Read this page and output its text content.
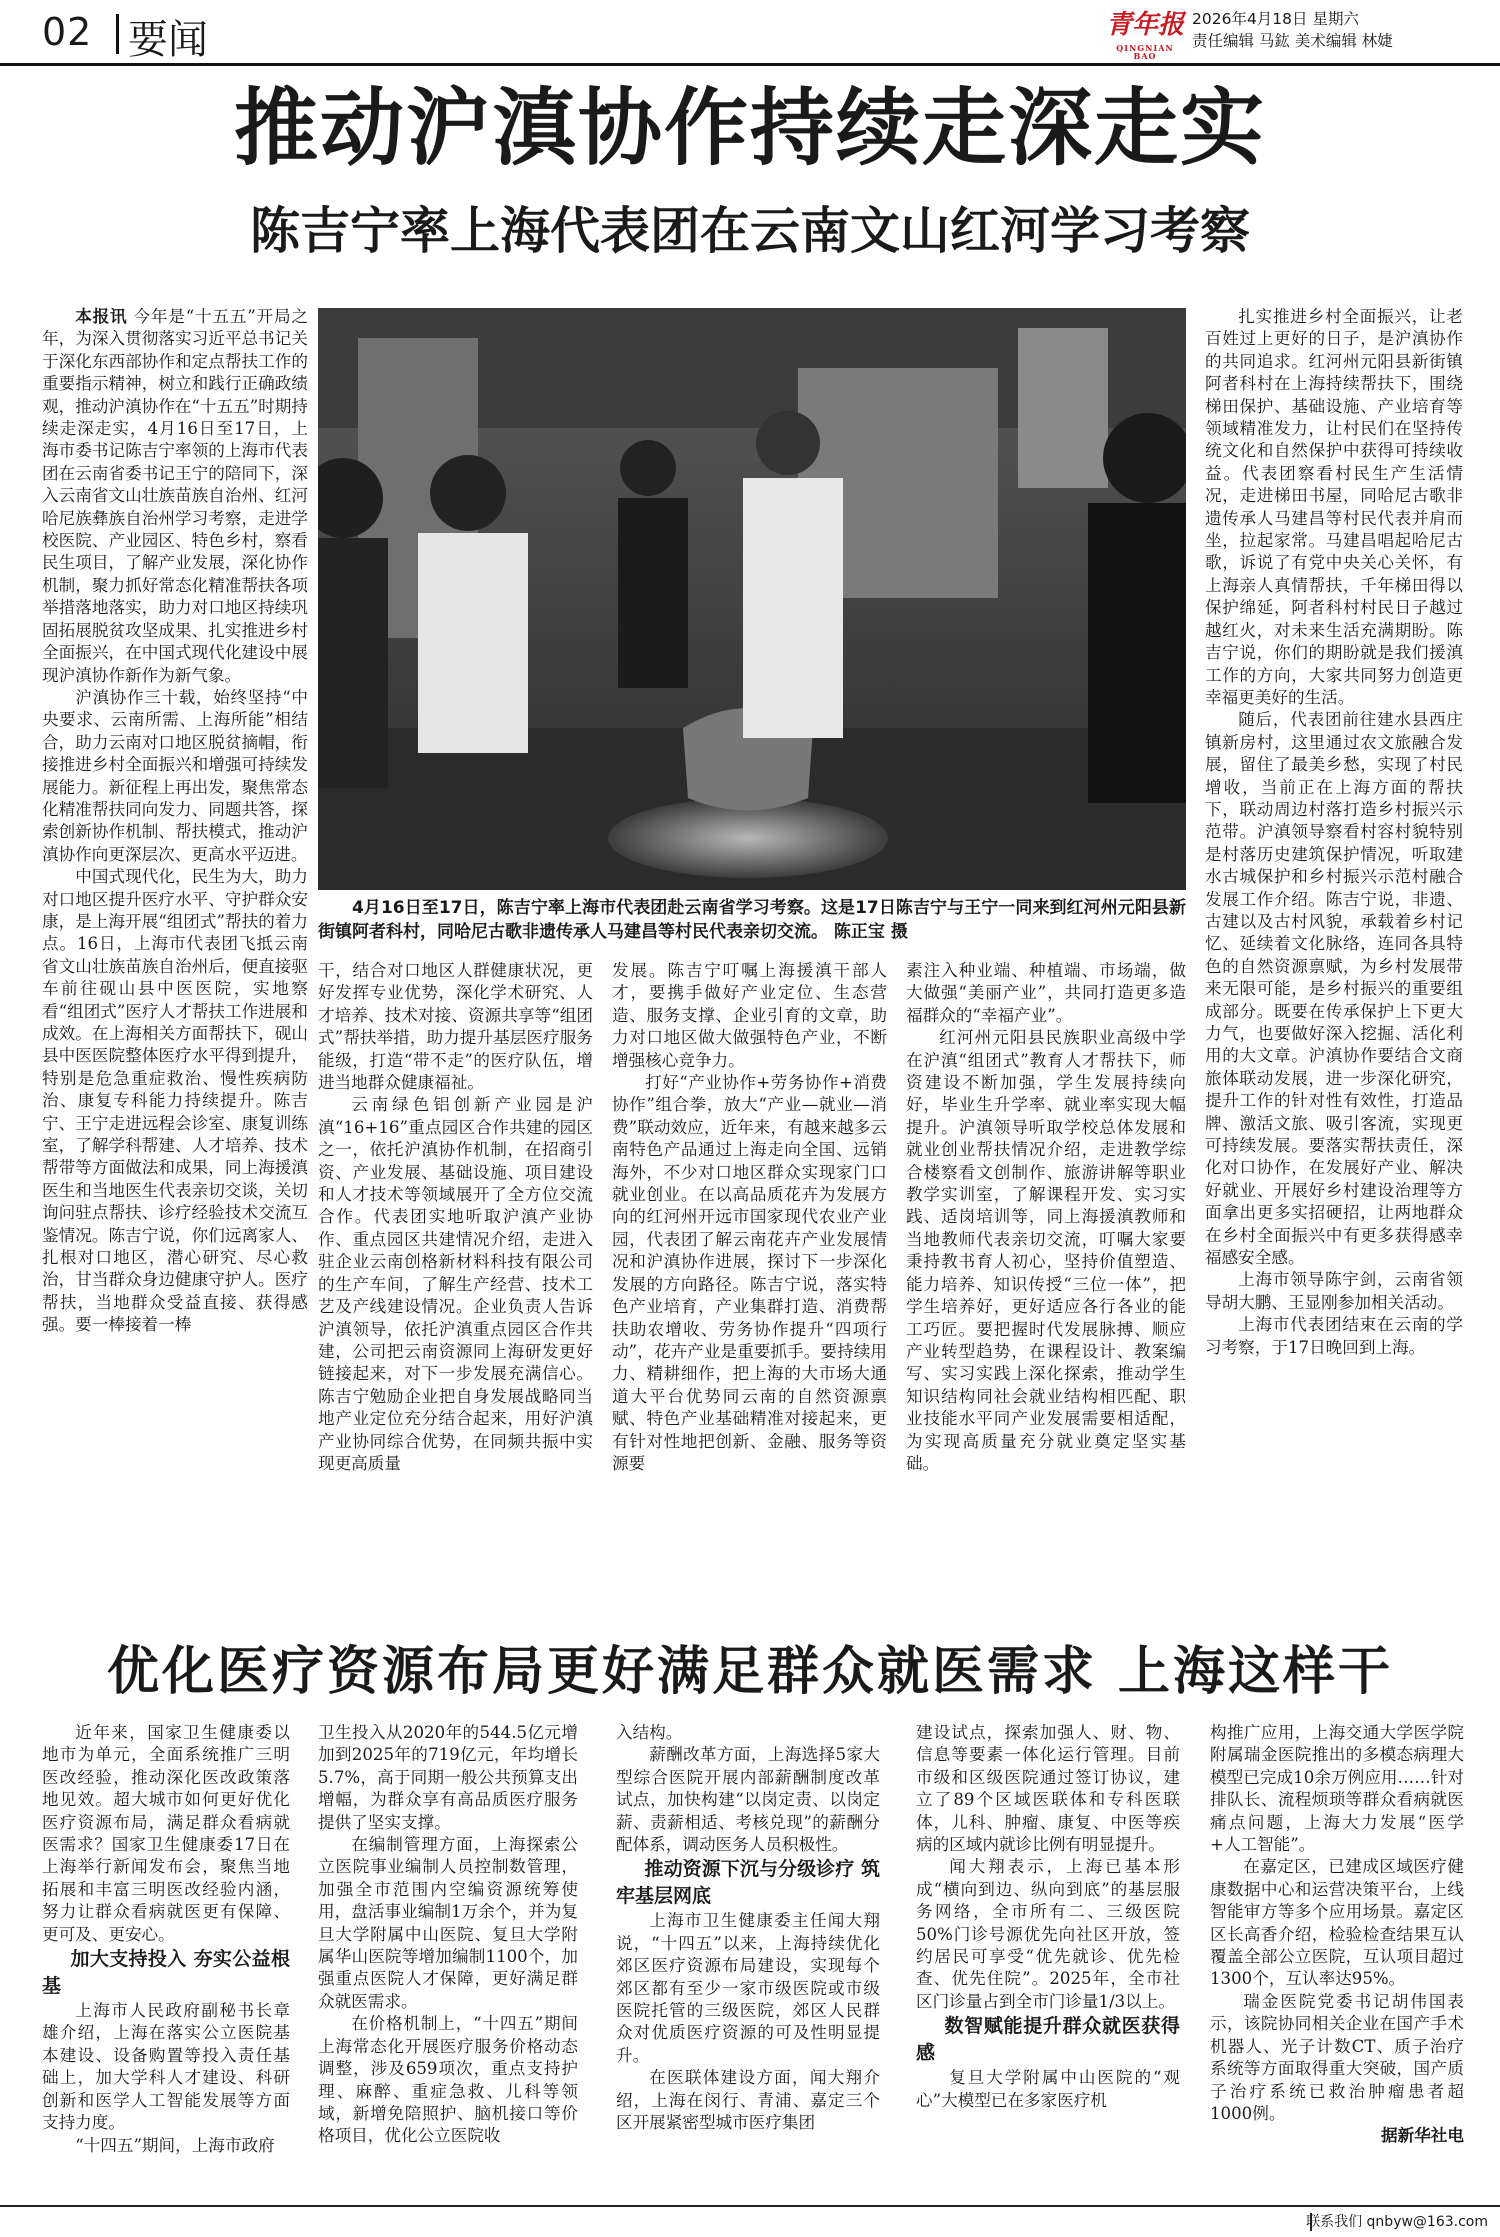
02 要闻	青年报
QINGNIAN BAO
2026年4月18日 星期六
责任编辑 马鈜 美术编辑 林婕
推动沪滇协作持续走深走实
陈吉宁率上海代表团在云南文山红河学习考察

本报讯 今年是“十五五”开局之年，为深入贯彻落实习近平总书记关于深化东西部协作和定点帮扶工作的重要指示精神，树立和践行正确政绩观，推动沪滇协作在“十五五”时期持续走深走实，4月16日至17日，上海市委书记陈吉宁率领的上海市代表团在云南省委书记王宁的陪同下，深入云南省文山壮族苗族自治州、红河哈尼族彝族自治州学习考察，走进学校医院、产业园区、特色乡村，察看民生项目，了解产业发展，深化协作机制，聚力抓好常态化精准帮扶各项举措落地落实，助力对口地区持续巩固拓展脱贫攻坚成果、扎实推进乡村全面振兴，在中国式现代化建设中展现沪滇协作新作为新气象。

沪滇协作三十载，始终坚持“中央要求、云南所需、上海所能”相结合，助力云南对口地区脱贫摘帽，衔接推进乡村全面振兴和增强可持续发展能力。新征程上再出发，聚焦常态化精准帮扶同向发力、同题共答，探索创新协作机制、帮扶模式，推动沪滇协作向更深层次、更高水平迈进。

中国式现代化，民生为大，助力对口地区提升医疗水平、守护群众安康，是上海开展“组团式”帮扶的着力点。16日，上海市代表团飞抵云南省文山壮族苗族自治州后，便直接驱车前往砚山县中医医院，实地察看“组团式”医疗人才帮扶工作进展和成效。在上海相关方面帮扶下，砚山县中医医院整体医疗水平得到提升，特别是危急重症救治、慢性疾病防治、康复专科能力持续提升。陈吉宁、王宁走进远程会诊室、康复训练室，了解学科帮建、人才培养、技术帮带等方面做法和成果，同上海援滇医生和当地医生代表亲切交谈，关切询问驻点帮扶、诊疗经验技术交流互鉴情况。陈吉宁说，你们远离家人、扎根对口地区，潜心研究、尽心救治，甘当群众身边健康守护人。医疗帮扶，当地群众受益直接、获得感强。要一棒接着一棒

4月16日至17日，陈吉宁率上海市代表团赴云南省学习考察。这是17日陈吉宁与王宁一同来到红河州元阳县新街镇阿者科村，同哈尼古歌非遗传承人马建昌等村民代表亲切交流。 陈正宝 摄

干，结合对口地区人群健康状况，更好发挥专业优势，深化学术研究、人才培养、技术对接、资源共享等“组团式”帮扶举措，助力提升基层医疗服务能级，打造“带不走”的医疗队伍，增进当地群众健康福祉。

云南绿色铝创新产业园是沪滇“16+16”重点园区合作共建的园区之一，依托沪滇协作机制，在招商引资、产业发展、基础设施、项目建设和人才技术等领域展开了全方位交流合作。代表团实地听取沪滇产业协作、重点园区共建情况介绍，走进入驻企业云南创格新材料科技有限公司的生产车间，了解生产经营、技术工艺及产线建设情况。企业负责人告诉沪滇领导，依托沪滇重点园区合作共建，公司把云南资源同上海研发更好链接起来，对下一步发展充满信心。陈吉宁勉励企业把自身发展战略同当地产业定位充分结合起来，用好沪滇产业协同综合优势，在同频共振中实现更高质量

发展。陈吉宁叮嘱上海援滇干部人才，要携手做好产业定位、生态营造、服务支撑、企业引育的文章，助力对口地区做大做强特色产业，不断增强核心竞争力。

打好“产业协作+劳务协作+消费协作”组合拳，放大“产业—就业—消费”联动效应，近年来，有越来越多云南特色产品通过上海走向全国、远销海外，不少对口地区群众实现家门口就业创业。在以高品质花卉为发展方向的红河州开远市国家现代农业产业园，代表团了解云南花卉产业发展情况和沪滇协作进展，探讨下一步深化发展的方向路径。陈吉宁说，落实特色产业培育，产业集群打造、消费帮扶助农增收、劳务协作提升“四项行动”，花卉产业是重要抓手。要持续用力、精耕细作，把上海的大市场大通道大平台优势同云南的自然资源禀赋、特色产业基础精准对接起来，更有针对性地把创新、金融、服务等资源要

素注入种业端、种植端、市场端，做大做强“美丽产业”，共同打造更多造福群众的“幸福产业”。

红河州元阳县民族职业高级中学在沪滇“组团式”教育人才帮扶下，师资建设不断加强，学生发展持续向好，毕业生升学率、就业率实现大幅提升。沪滇领导听取学校总体发展和就业创业帮扶情况介绍，走进教学综合楼察看文创制作、旅游讲解等职业教学实训室，了解课程开发、实习实践、适岗培训等，同上海援滇教师和当地教师代表亲切交流，叮嘱大家要秉持教书育人初心，坚持价值塑造、能力培养、知识传授“三位一体”，把学生培养好，更好适应各行各业的能工巧匠。要把握时代发展脉搏、顺应产业转型趋势，在课程设计、教案编写、实习实践上深化探索，推动学生知识结构同社会就业结构相匹配、职业技能水平同产业发展需要相适配，为实现高质量充分就业奠定坚实基础。

扎实推进乡村全面振兴，让老百姓过上更好的日子，是沪滇协作的共同追求。红河州元阳县新街镇阿者科村在上海持续帮扶下，围绕梯田保护、基础设施、产业培育等领域精准发力，让村民们在坚持传统文化和自然保护中获得可持续收益。代表团察看村民生产生活情况，走进梯田书屋，同哈尼古歌非遗传承人马建昌等村民代表并肩而坐，拉起家常。马建昌唱起哈尼古歌，诉说了有党中央关心关怀，有上海亲人真情帮扶，千年梯田得以保护绵延，阿者科村村民日子越过越红火，对未来生活充满期盼。陈吉宁说，你们的期盼就是我们援滇工作的方向，大家共同努力创造更幸福更美好的生活。

随后，代表团前往建水县西庄镇新房村，这里通过农文旅融合发展，留住了最美乡愁，实现了村民增收，当前正在上海方面的帮扶下，联动周边村落打造乡村振兴示范带。沪滇领导察看村容村貌特别是村落历史建筑保护情况，听取建水古城保护和乡村振兴示范村融合发展工作介绍。陈吉宁说，非遗、古建以及古村风貌，承载着乡村记忆、延续着文化脉络，连同各具特色的自然资源禀赋，为乡村发展带来无限可能，是乡村振兴的重要组成部分。既要在传承保护上下更大力气，也要做好深入挖掘、活化利用的大文章。沪滇协作要结合文商旅体联动发展，进一步深化研究，提升工作的针对性有效性，打造品牌、激活文旅、吸引客流，实现更可持续发展。要落实帮扶责任，深化对口协作，在发展好产业、解决好就业、开展好乡村建设治理等方面拿出更多实招硬招，让两地群众在乡村全面振兴中有更多获得感幸福感安全感。

上海市领导陈宇剑，云南省领导胡大鹏、王显刚参加相关活动。

上海市代表团结束在云南的学习考察，于17日晚回到上海。

优化医疗资源布局更好满足群众就医需求 上海这样干

近年来，国家卫生健康委以地市为单元，全面系统推广三明医改经验，推动深化医改政策落地见效。超大城市如何更好优化医疗资源布局，满足群众看病就医需求？国家卫生健康委17日在上海举行新闻发布会，聚焦当地拓展和丰富三明医改经验内涵，努力让群众看病就医更有保障、更可及、更安心。

加大支持投入 夯实公益根基

上海市人民政府副秘书长章雄介绍，上海在落实公立医院基本建设、设备购置等投入责任基础上，加大学科人才建设、科研创新和医学人工智能发展等方面支持力度。

“十四五”期间，上海市政府

卫生投入从2020年的544.5亿元增加到2025年的719亿元，年均增长5.7%，高于同期一般公共预算支出增幅，为群众享有高品质医疗服务提供了坚实支撑。

在编制管理方面，上海探索公立医院事业编制人员控制数管理，加强全市范围内空编资源统筹使用，盘活事业编制1万余个，并为复旦大学附属中山医院、复旦大学附属华山医院等增加编制1100个，加强重点医院人才保障，更好满足群众就医需求。

在价格机制上，“十四五”期间上海常态化开展医疗服务价格动态调整，涉及659项次，重点支持护理、麻醉、重症急救、儿科等领域，新增免陪照护、脑机接口等价格项目，优化公立医院收

入结构。

薪酬改革方面，上海选择5家大型综合医院开展内部薪酬制度改革试点，加快构建“以岗定责、以岗定薪、责薪相适、考核兑现”的薪酬分配体系，调动医务人员积极性。

推动资源下沉与分级诊疗 筑牢基层网底

上海市卫生健康委主任闻大翔说，“十四五”以来，上海持续优化郊区医疗资源布局建设，实现每个郊区都有至少一家市级医院或市级医院托管的三级医院，郊区人民群众对优质医疗资源的可及性明显提升。

在医联体建设方面，闻大翔介绍，上海在闵行、青浦、嘉定三个区开展紧密型城市医疗集团

建设试点，探索加强人、财、物、信息等要素一体化运行管理。目前市级和区级医院通过签订协议，建立了89个区域医联体和专科医联体，儿科、肿瘤、康复、中医等疾病的区域内就诊比例有明显提升。

闻大翔表示，上海已基本形成“横向到边、纵向到底”的基层服务网络，全市所有二、三级医院50%门诊号源优先向社区开放，签约居民可享受“优先就诊、优先检查、优先住院”。2025年，全市社区门诊量占到全市门诊量1/3以上。

数智赋能提升群众就医获得感

复旦大学附属中山医院的“观心”大模型已在多家医疗机

构推广应用，上海交通大学医学院附属瑞金医院推出的多模态病理大模型已完成10余万例应用……针对排队长、流程烦琐等群众看病就医痛点问题，上海大力发展“医学+人工智能”。

在嘉定区，已建成区域医疗健康数据中心和运营决策平台，上线智能审方等多个应用场景。嘉定区区长高香介绍，检验检查结果互认覆盖全部公立医院，互认项目超过1300个，互认率达95%。

瑞金医院党委书记胡伟国表示，该院协同相关企业在国产手术机器人、光子计数CT、质子治疗系统等方面取得重大突破，国产质子治疗系统已救治肿瘤患者超1000例。

据新华社电

联系我们 qnbyw@163.com
